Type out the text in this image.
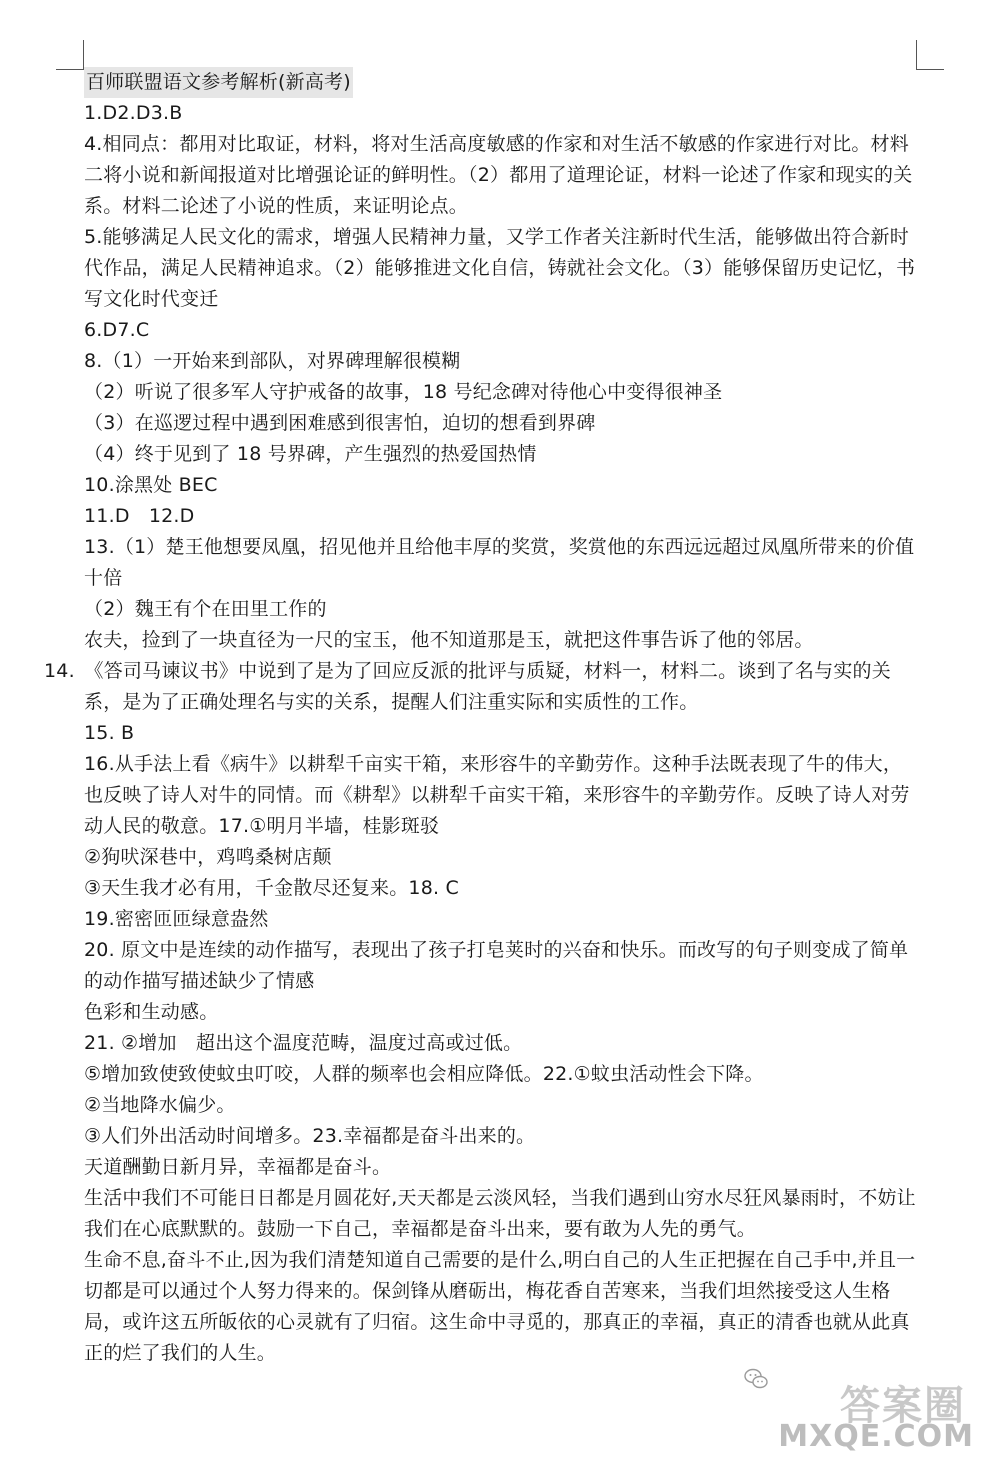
百师联盟语文参考解析(新高考)

1.D2.D3.B

4.相同点：都用对比取证，材料，将对生活高度敏感的作家和对生活不敏感的作家进行对比。材料二将小说和新闻报道对比增强论证的鲜明性。（2）都用了道理论证，材料一论述了作家和现实的关系。材料二论述了小说的性质，来证明论点。

5.能够满足人民文化的需求，增强人民精神力量，又学工作者关注新时代生活，能够做出符合新时代作品，满足人民精神追求。（2）能够推进文化自信，铸就社会文化。（3）能够保留历史记忆，书写文化时代变迁

6.D7.C

8.（1）一开始来到部队，对界碑理解很模糊

（2）听说了很多军人守护戒备的故事，18 号纪念碑对待他心中变得很神圣

（3）在巡逻过程中遇到困难感到很害怕，迫切的想看到界碑

（4）终于见到了 18 号界碑，产生强烈的热爱国热情

10.涂黑处 BEC

11.D　12.D

13.（1）楚王他想要凤凰，招见他并且给他丰厚的奖赏，奖赏他的东西远远超过凤凰所带来的价值十倍

（2）魏王有个在田里工作的

农夫，捡到了一块直径为一尺的宝玉，他不知道那是玉，就把这件事告诉了他的邻居。

14.　《答司马谏议书》中说到了是为了回应反派的批评与质疑，材料一，材料二。谈到了名与实的关系，是为了正确处理名与实的关系，提醒人们注重实际和实质性的工作。

15. B

16.从手法上看《病牛》以耕犁千亩实干箱，来形容牛的辛勤劳作。这种手法既表现了牛的伟大，也反映了诗人对牛的同情。而《耕犁》以耕犁千亩实干箱，来形容牛的辛勤劳作。反映了诗人对劳动人民的敬意。17.①明月半墙，桂影斑驳

②狗吠深巷中，鸡鸣桑树店颠

③天生我才必有用，千金散尽还复来。18. C

19.密密匝匝绿意盎然

20. 原文中是连续的动作描写，表现出了孩子打皂荚时的兴奋和快乐。而改写的句子则变成了简单的动作描写描述缺少了情感

色彩和生动感。

21. ②增加　超出这个温度范畴，温度过高或过低。

⑤增加致使致使蚊虫叮咬，人群的频率也会相应降低。22.①蚊虫活动性会下降。

②当地降水偏少。

③人们外出活动时间增多。23.幸福都是奋斗出来的。

天道酬勤日新月异，幸福都是奋斗。

生活中我们不可能日日都是月圆花好,天天都是云淡风轻，当我们遇到山穷水尽狂风暴雨时，不妨让我们在心底默默的。鼓励一下自己，幸福都是奋斗出来，要有敢为人先的勇气。

生命不息,奋斗不止,因为我们清楚知道自己需要的是什么,明白自己的人生正把握在自己手中,并且一切都是可以通过个人努力得来的。保剑锋从磨砺出，梅花香自苦寒来，当我们坦然接受这人生格局，或许这五所皈依的心灵就有了归宿。这生命中寻觅的，那真正的幸福，真正的清香也就从此真正的烂了我们的人生。

答案圈
MXQE.COM
